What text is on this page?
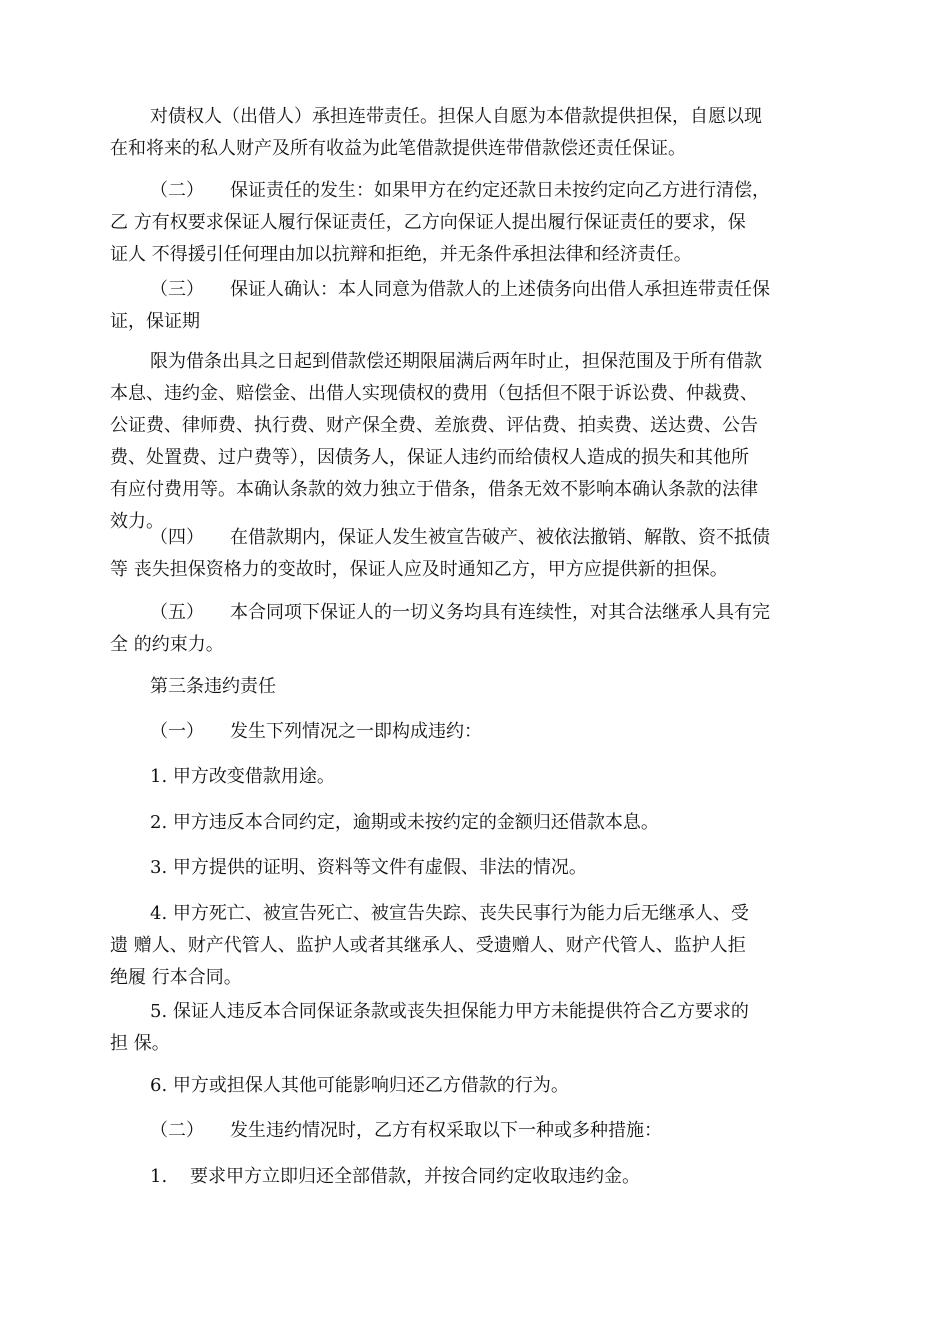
对债权人（出借人）承担连带责任。担保人自愿为本借款提供担保，自愿以现
在和将来的私人财产及所有收益为此笔借款提供连带借款偿还责任保证。

（二） 保证责任的发生：如果甲方在约定还款日未按约定向乙方进行清偿，
乙 方有权要求保证人履行保证责任，乙方向保证人提出履行保证责任的要求，保
证人 不得援引任何理由加以抗辩和拒绝，并无条件承担法律和经济责任。

（三） 保证人确认：本人同意为借款人的上述债务向出借人承担连带责任保
证，保证期

限为借条出具之日起到借款偿还期限届满后两年时止，担保范围及于所有借款
本息、违约金、赔偿金、出借人实现债权的费用（包括但不限于诉讼费、仲裁费、
公证费、律师费、执行费、财产保全费、差旅费、评估费、拍卖费、送达费、公告
费、处置费、过户费等），因债务人，保证人违约而给债权人造成的损失和其他所
有应付费用等。本确认条款的效力独立于借条，借条无效不影响本确认条款的法律
效力。

（四） 在借款期内，保证人发生被宣告破产、被依法撤销、解散、资不抵债
等 丧失担保资格力的变故时，保证人应及时通知乙方，甲方应提供新的担保。

（五） 本合同项下保证人的一切义务均具有连续性，对其合法继承人具有完
全 的约束力。

第三条违约责任

（一） 发生下列情况之一即构成违约：

1. 甲方改变借款用途。

2. 甲方违反本合同约定，逾期或未按约定的金额归还借款本息。

3. 甲方提供的证明、资料等文件有虚假、非法的情况。

4. 甲方死亡、被宣告死亡、被宣告失踪、丧失民事行为能力后无继承人、受
遗 赠人、财产代管人、监护人或者其继承人、受遗赠人、财产代管人、监护人拒
绝履 行本合同。

5. 保证人违反本合同保证条款或丧失担保能力甲方未能提供符合乙方要求的
担 保。

6. 甲方或担保人其他可能影响归还乙方借款的行为。

（二） 发生违约情况时，乙方有权采取以下一种或多种措施：

1. 要求甲方立即归还全部借款，并按合同约定收取违约金。
